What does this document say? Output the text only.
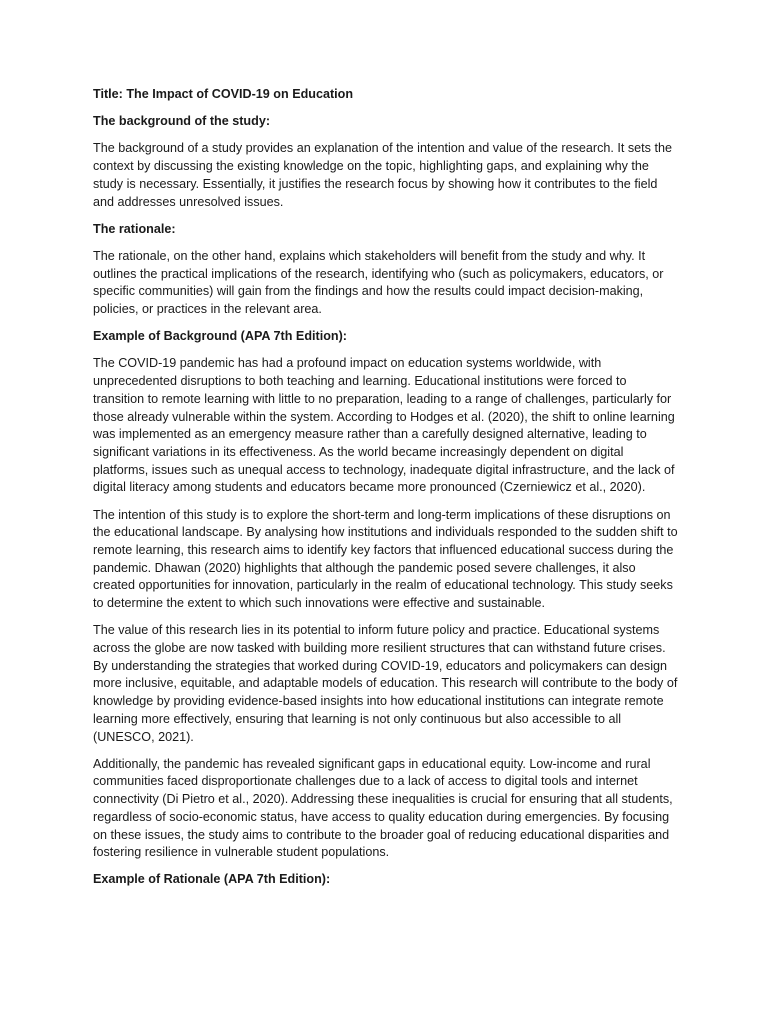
Title: The Impact of COVID-19 on Education

The background of the study:

The background of a study provides an explanation of the intention and value of the research. It sets the context by discussing the existing knowledge on the topic, highlighting gaps, and explaining why the study is necessary. Essentially, it justifies the research focus by showing how it contributes to the field and addresses unresolved issues.

The rationale:

The rationale, on the other hand, explains which stakeholders will benefit from the study and why. It outlines the practical implications of the research, identifying who (such as policymakers, educators, or specific communities) will gain from the findings and how the results could impact decision-making, policies, or practices in the relevant area.

Example of Background (APA 7th Edition):

The COVID-19 pandemic has had a profound impact on education systems worldwide, with unprecedented disruptions to both teaching and learning. Educational institutions were forced to transition to remote learning with little to no preparation, leading to a range of challenges, particularly for those already vulnerable within the system. According to Hodges et al. (2020), the shift to online learning was implemented as an emergency measure rather than a carefully designed alternative, leading to significant variations in its effectiveness. As the world became increasingly dependent on digital platforms, issues such as unequal access to technology, inadequate digital infrastructure, and the lack of digital literacy among students and educators became more pronounced (Czerniewicz et al., 2020).

The intention of this study is to explore the short-term and long-term implications of these disruptions on the educational landscape. By analysing how institutions and individuals responded to the sudden shift to remote learning, this research aims to identify key factors that influenced educational success during the pandemic. Dhawan (2020) highlights that although the pandemic posed severe challenges, it also created opportunities for innovation, particularly in the realm of educational technology. This study seeks to determine the extent to which such innovations were effective and sustainable.

The value of this research lies in its potential to inform future policy and practice. Educational systems across the globe are now tasked with building more resilient structures that can withstand future crises. By understanding the strategies that worked during COVID-19, educators and policymakers can design more inclusive, equitable, and adaptable models of education. This research will contribute to the body of knowledge by providing evidence-based insights into how educational institutions can integrate remote learning more effectively, ensuring that learning is not only continuous but also accessible to all (UNESCO, 2021).

Additionally, the pandemic has revealed significant gaps in educational equity. Low-income and rural communities faced disproportionate challenges due to a lack of access to digital tools and internet connectivity (Di Pietro et al., 2020). Addressing these inequalities is crucial for ensuring that all students, regardless of socio-economic status, have access to quality education during emergencies. By focusing on these issues, the study aims to contribute to the broader goal of reducing educational disparities and fostering resilience in vulnerable student populations.

Example of Rationale (APA 7th Edition):
